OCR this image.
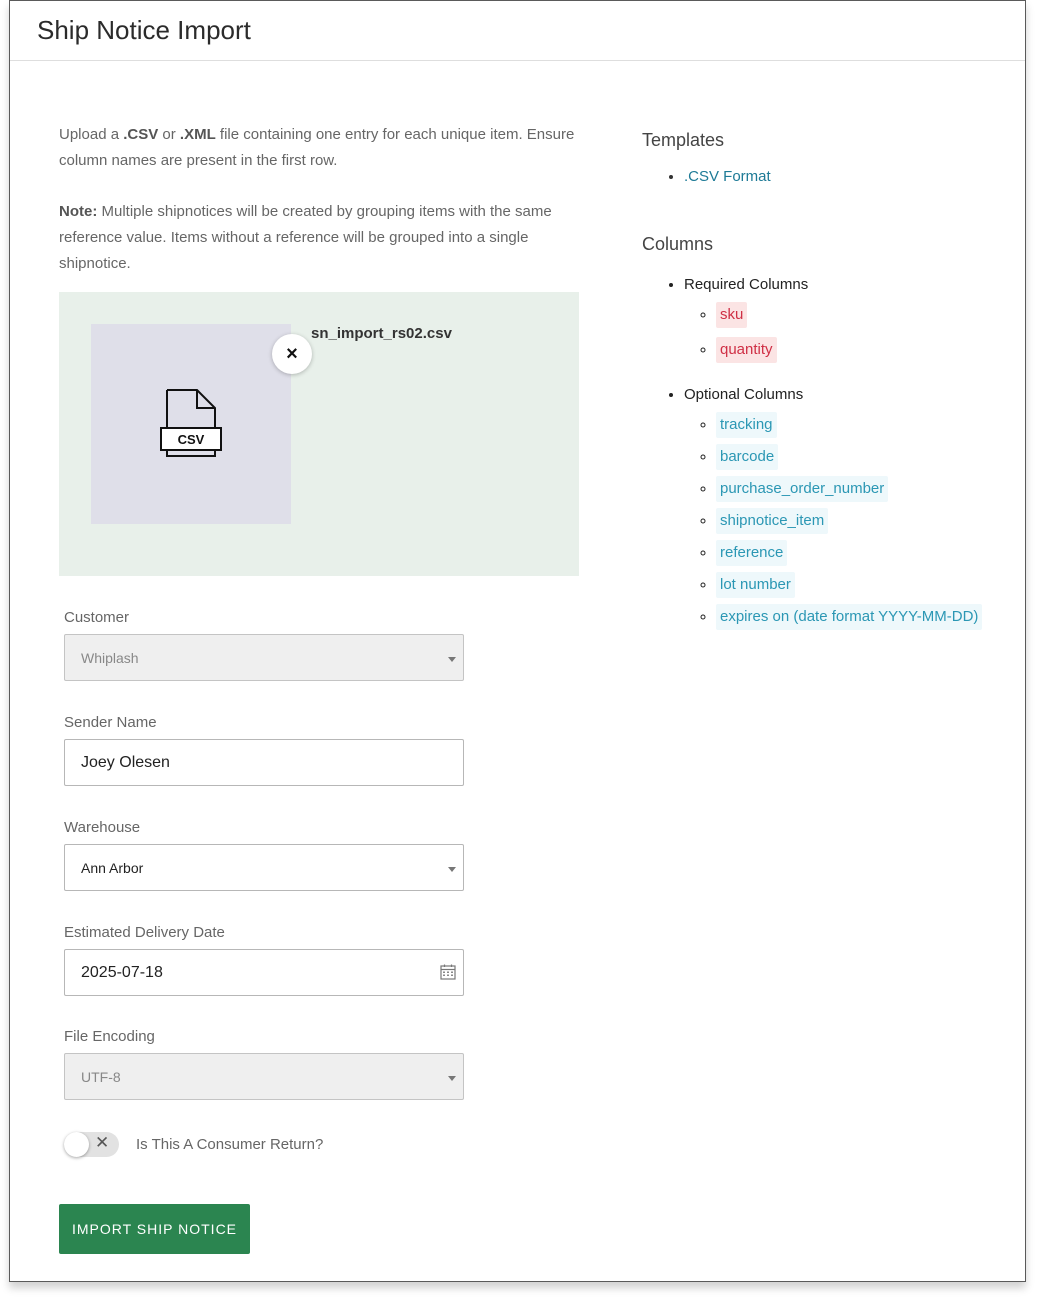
Ship Notice Import

Upload a .CSV or .XML file containing one entry for each unique item. Ensure column names are present in the first row.

Note: Multiple shipnotices will be created by grouping items with the same reference value. Items without a reference will be grouped into a single shipnotice.

CSV
×
sn_import_rs02.csv
Customer
Whiplash
Sender Name
Joey Olesen
Warehouse
Ann Arbor
Estimated Delivery Date
2025-07-18
File Encoding
UTF-8
✕ Is This A Consumer Return?
IMPORT SHIP NOTICE
Templates
• .CSV Format
Columns
• Required Columns
◦ sku
◦ quantity
• Optional Columns
◦ tracking
◦ barcode
◦ purchase_order_number
◦ shipnotice_item
◦ reference
◦ lot number
◦ expires on (date format YYYY-MM-DD)
